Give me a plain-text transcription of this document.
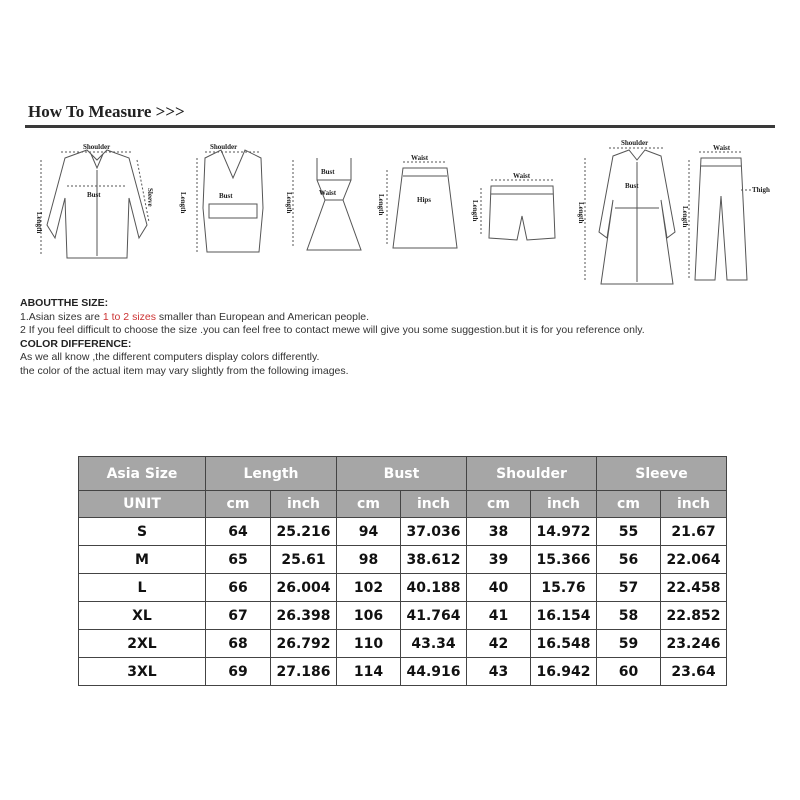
How To Measure >>>
Shoulder
Bust
Length
Sleeve
Shoulder
Bust
Length
Bust
Waist
Length
Waist
Hips
Length
Waist
Length
Shoulder
Bust
Length
Waist
Thigh
Length
ABOUTTHE SIZE:
1.Asian sizes are 1 to 2 sizes smaller than European and American people.
2 If you feel difficult to choose the size .you can feel free to contact mewe will give you some suggestion.but it is for you reference only.
COLOR DIFFERENCE:
As we all know ,the different computers display colors differently.
the color of the actual item may vary slightly from the following images.
Asia Size	Length		Bust		Shoulder		Sleeve	
UNIT	cm	inch	cm	inch	cm	inch	cm	inch
S	64	25.216	94	37.036	38	14.972	55	21.67
M	65	25.61	98	38.612	39	15.366	56	22.064
L	66	26.004	102	40.188	40	15.76	57	22.458
XL	67	26.398	106	41.764	41	16.154	58	22.852
2XL	68	26.792	110	43.34	42	16.548	59	23.246
3XL	69	27.186	114	44.916	43	16.942	60	23.64
